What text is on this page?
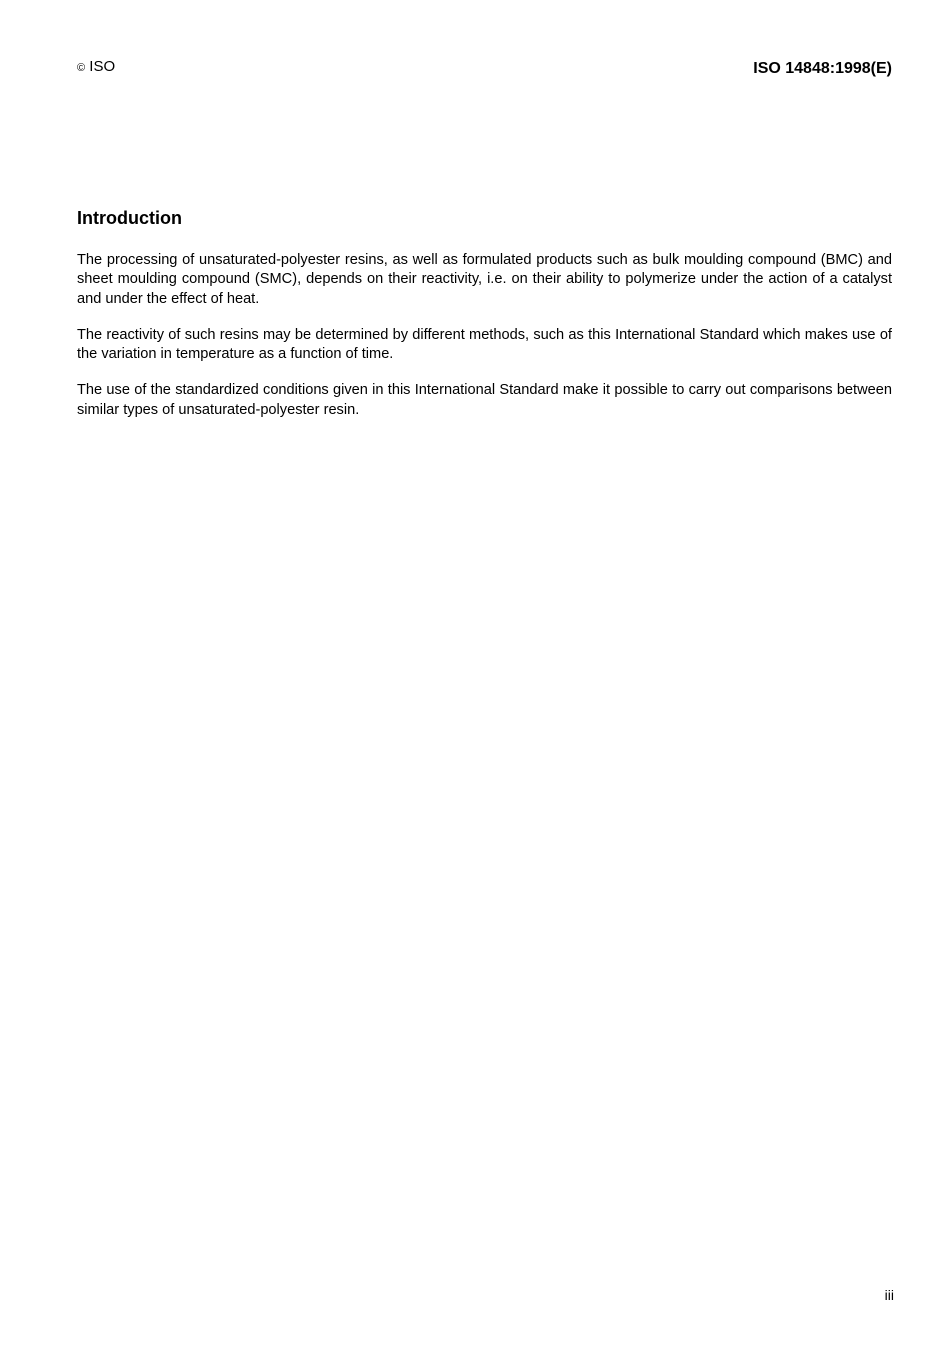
© ISO	ISO 14848:1998(E)
Introduction

The processing of unsaturated-polyester resins, as well as formulated products such as bulk moulding compound (BMC) and sheet moulding compound (SMC), depends on their reactivity, i.e. on their ability to polymerize under the action of a catalyst and under the effect of heat.

The reactivity of such resins may be determined by different methods, such as this International Standard which makes use of the variation in temperature as a function of time.

The use of the standardized conditions given in this International Standard make it possible to carry out comparisons between similar types of unsaturated-polyester resin.

iii
